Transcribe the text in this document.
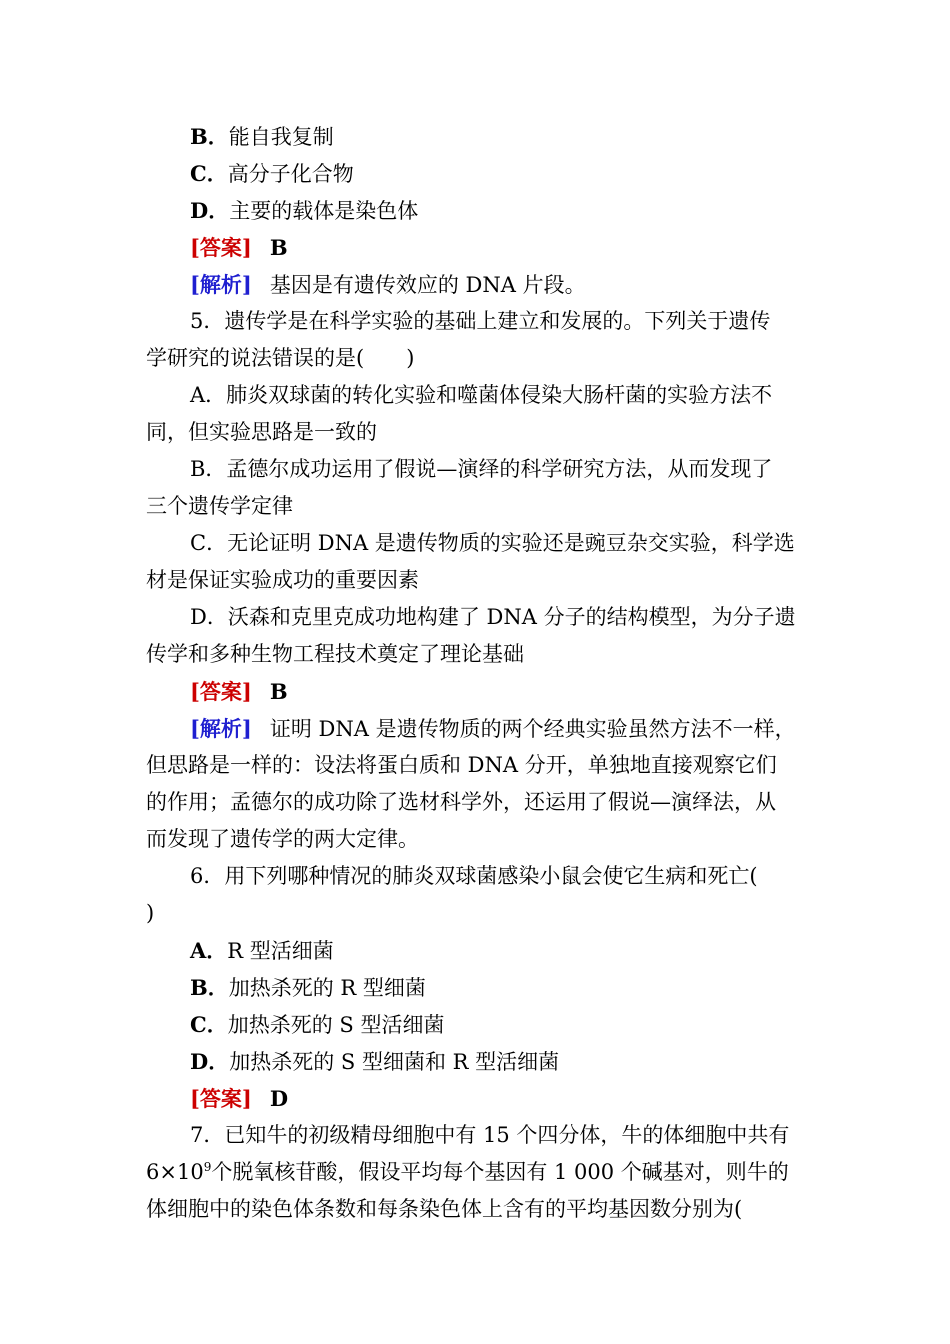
B．能自我复制
C．高分子化合物
D．主要的载体是染色体
[答案] B
[解析] 基因是有遗传效应的 DNA 片段。
5．遗传学是在科学实验的基础上建立和发展的。下列关于遗传
学研究的说法错误的是(　　)
A．肺炎双球菌的转化实验和噬菌体侵染大肠杆菌的实验方法不
同，但实验思路是一致的
B．孟德尔成功运用了假说—演绎的科学研究方法，从而发现了
三个遗传学定律
C．无论证明 DNA 是遗传物质的实验还是豌豆杂交实验，科学选
材是保证实验成功的重要因素
D．沃森和克里克成功地构建了 DNA 分子的结构模型，为分子遗
传学和多种生物工程技术奠定了理论基础
[答案] B
[解析] 证明 DNA 是遗传物质的两个经典实验虽然方法不一样，
但思路是一样的：设法将蛋白质和 DNA 分开，单独地直接观察它们
的作用；孟德尔的成功除了选材科学外，还运用了假说—演绎法，从
而发现了遗传学的两大定律。
6．用下列哪种情况的肺炎双球菌感染小鼠会使它生病和死亡(
)
A．R 型活细菌
B．加热杀死的 R 型细菌
C．加热杀死的 S 型活细菌
D．加热杀死的 S 型细菌和 R 型活细菌
[答案] D
7．已知牛的初级精母细胞中有 15 个四分体，牛的体细胞中共有
$6\times 10^9$个脱氧核苷酸，假设平均每个基因有 1 000 个碱基对，则牛的
体细胞中的染色体条数和每条染色体上含有的平均基因数分别为(
